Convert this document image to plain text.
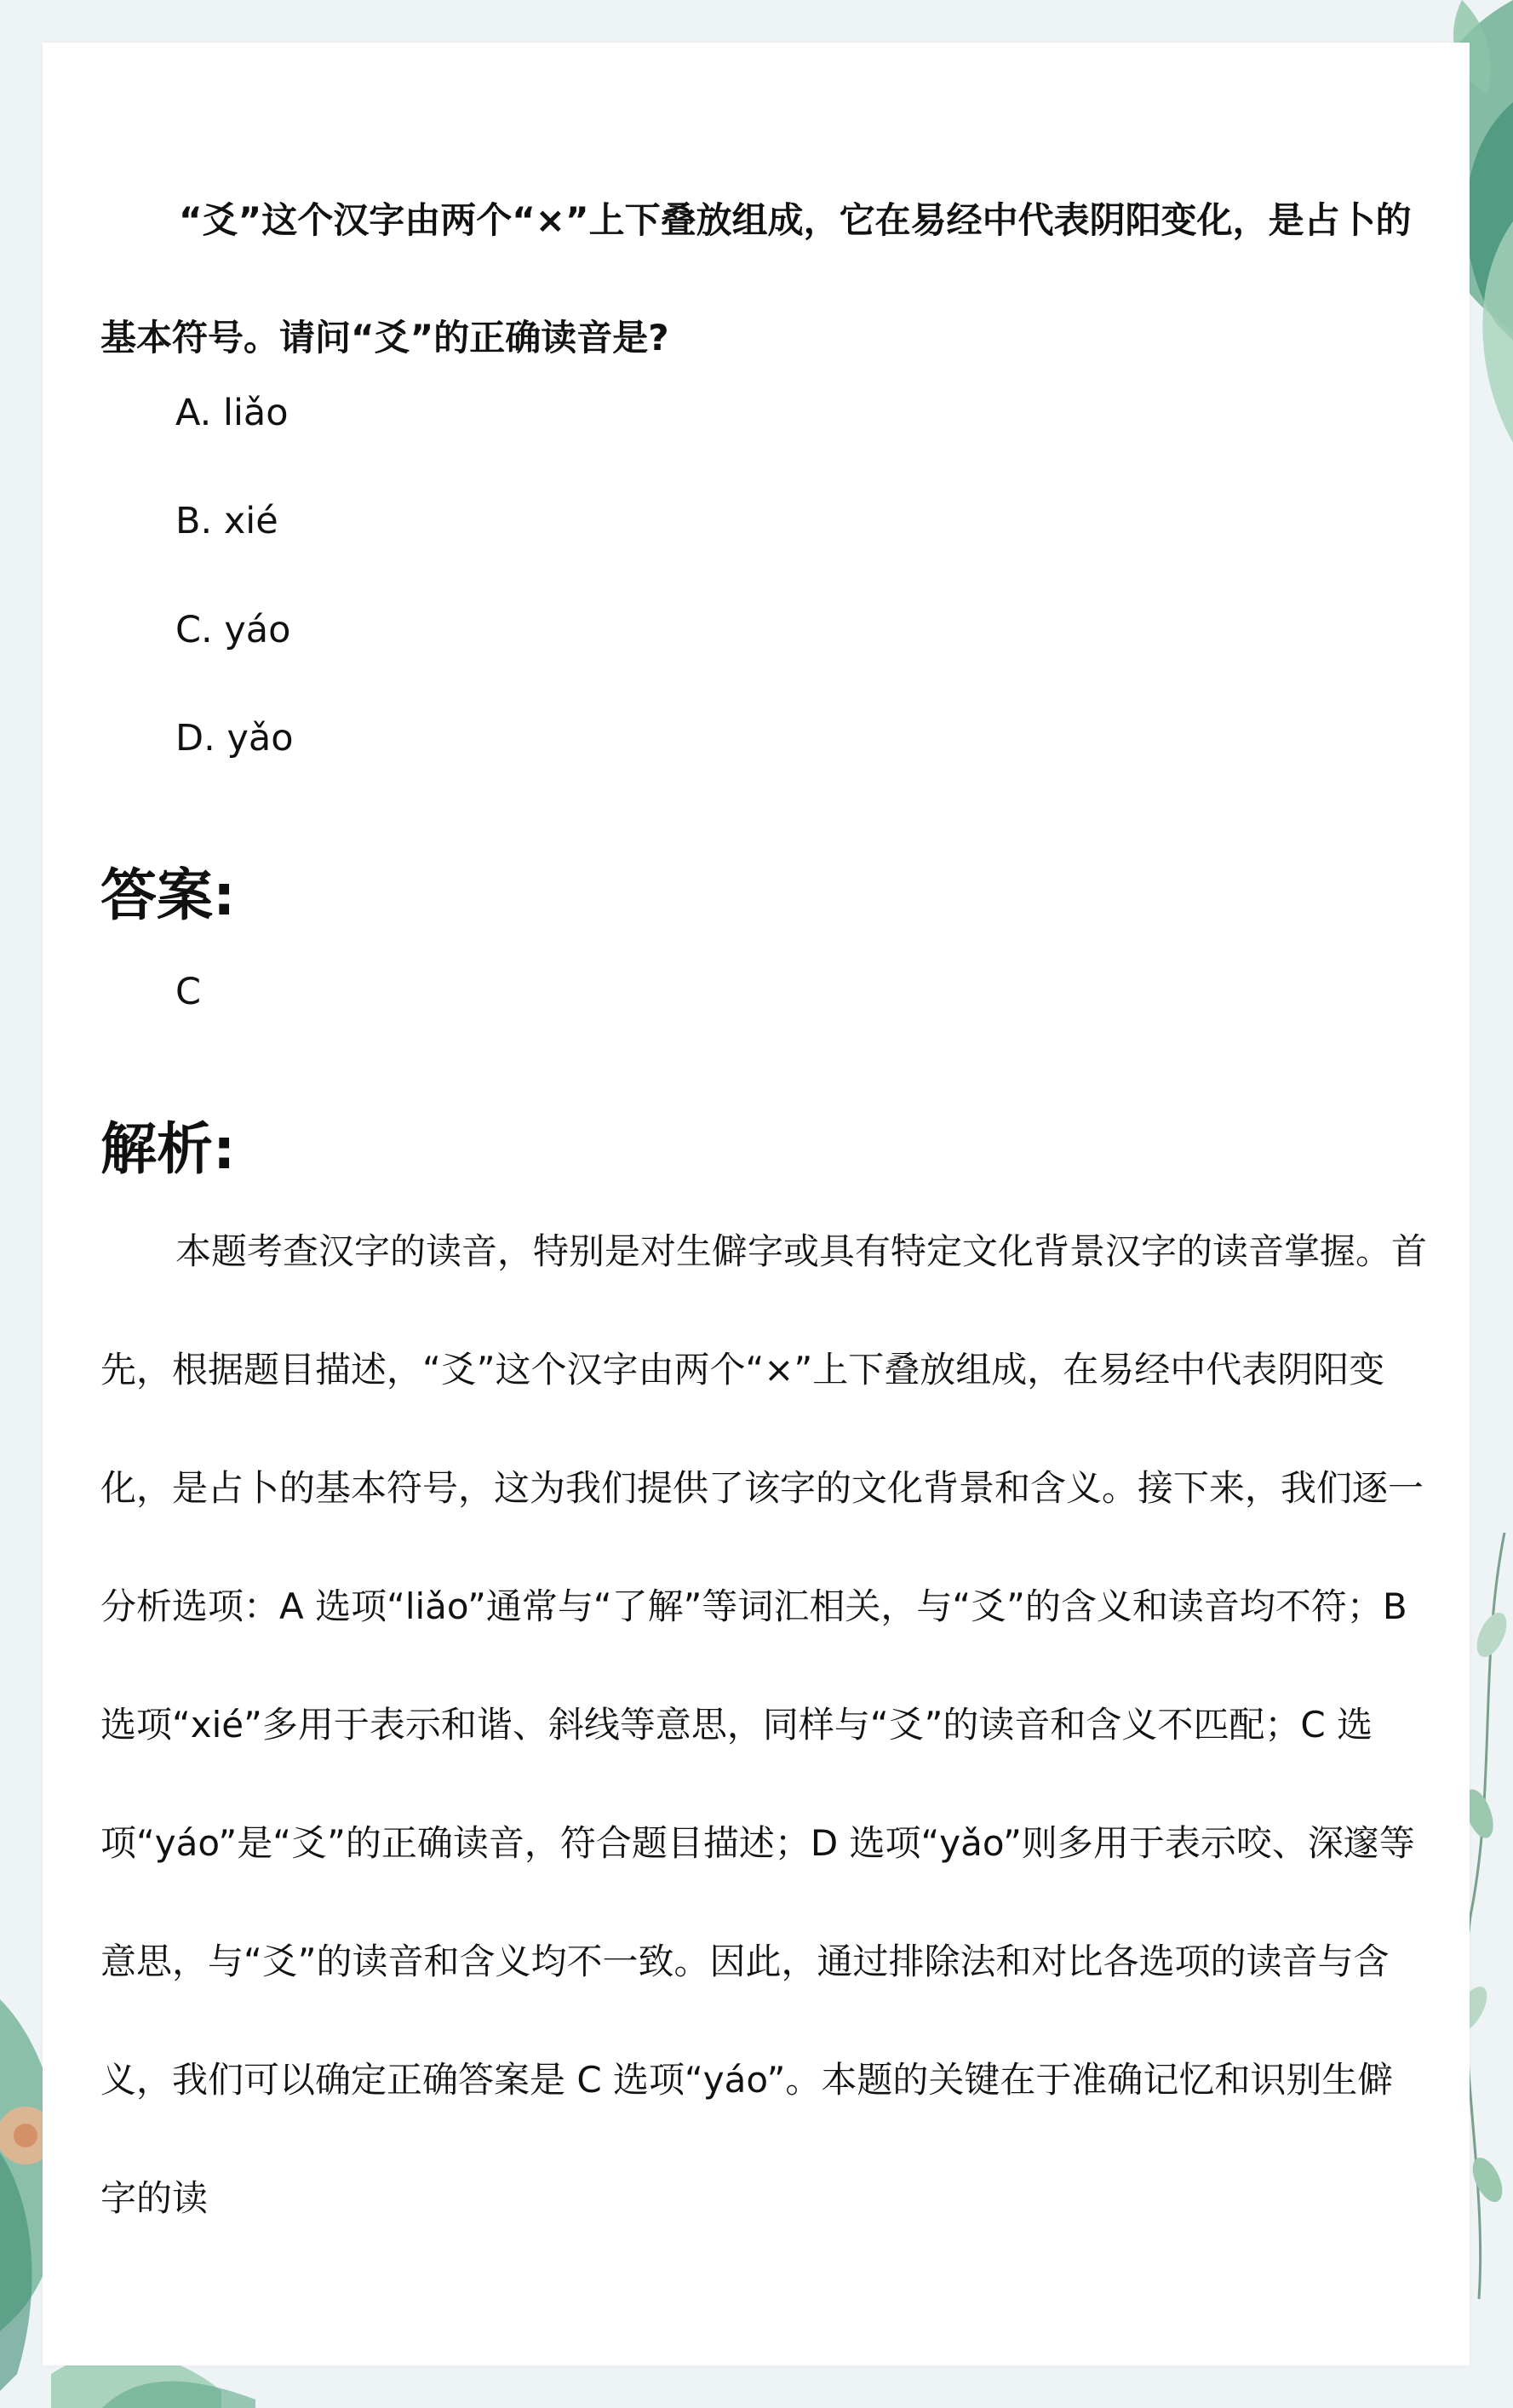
“爻”这个汉字由两个“×”上下叠放组成，它在易经中代表阴阳变化，是占卜的基本符号。请问“爻”的正确读音是?

A. liǎo

B. xié

C. yáo

D. yǎo

答案:

C

解析:

本题考查汉字的读音，特别是对生僻字或具有特定文化背景汉字的读音掌握。首先，根据题目描述，“爻”这个汉字由两个“×”上下叠放组成，在易经中代表阴阳变化，是占卜的基本符号，这为我们提供了该字的文化背景和含义。接下来，我们逐一分析选项：A 选项“liǎo”通常与“了解”等词汇相关，与“爻”的含义和读音均不符；B 选项“xié”多用于表示和谐、斜线等意思，同样与“爻”的读音和含义不匹配；C 选项“yáo”是“爻”的正确读音，符合题目描述；D 选项“yǎo”则多用于表示咬、深邃等意思，与“爻”的读音和含义均不一致。因此，通过排除法和对比各选项的读音与含义，我们可以确定正确答案是 C 选项“yáo”。本题的关键在于准确记忆和识别生僻字的读
